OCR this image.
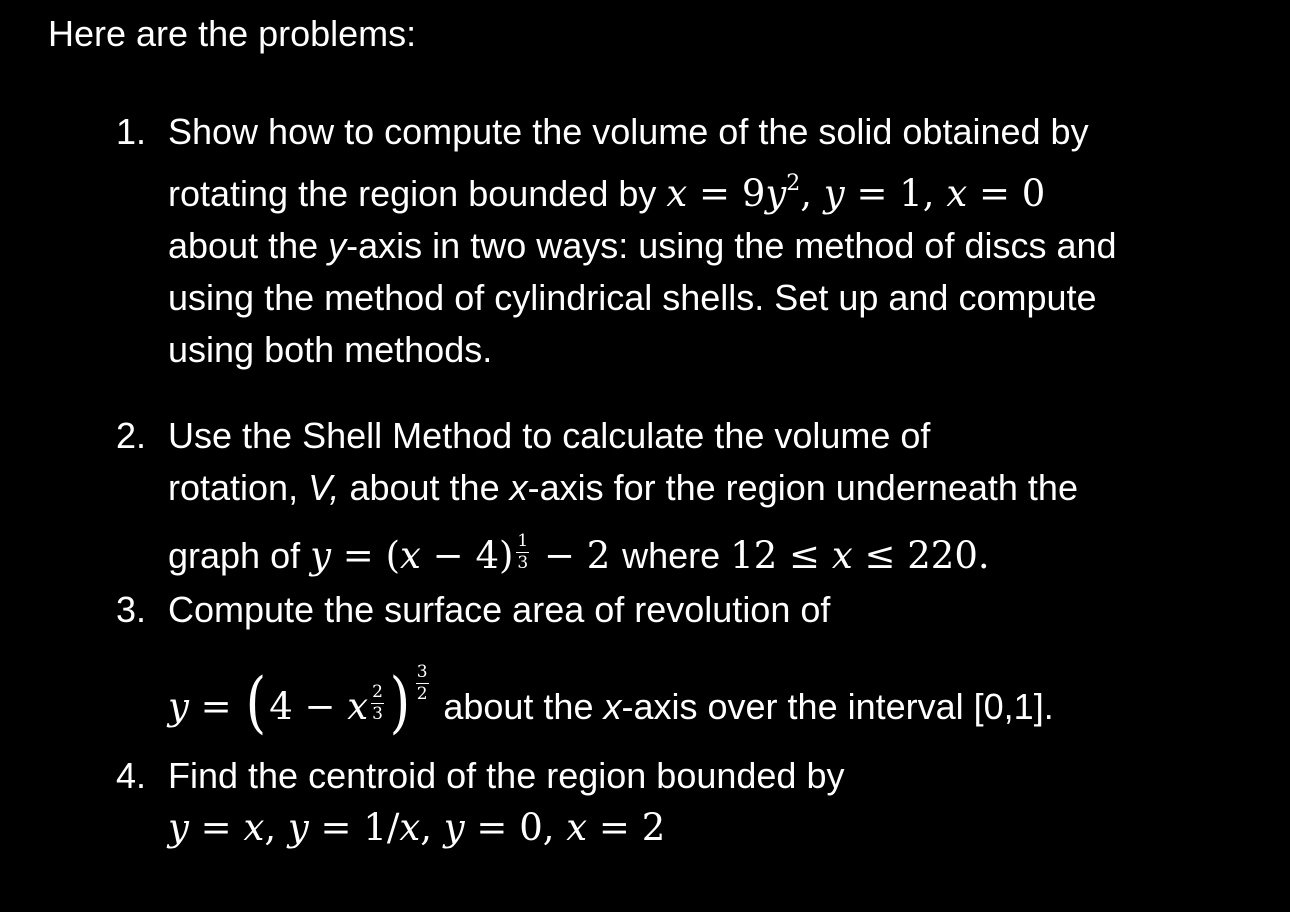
Here are the problems:
1. Show how to compute the volume of the solid obtained by
rotating the region bounded by $x = 9y^2$, y = 1, x = 0
about the y-axis in two ways: using the method of discs and
using the method of cylindrical shells. Set up and compute
using both methods.
2. Use the Shell Method to calculate the volume of
rotation, V, about the x-axis for the region underneath the
graph of $y = (x - 4) \frac{1}{3} - 2$ where 12 ≤ x ≤ 220.
3. Compute the surface area of revolution of
y = (4 − x $\frac{2}{3}$ ) $\frac{3}{2}$
about the x-axis over the interval [0,1].
4. Find the centroid of the region bounded by
y = x, y = 1/x, y = 0, x = 2
